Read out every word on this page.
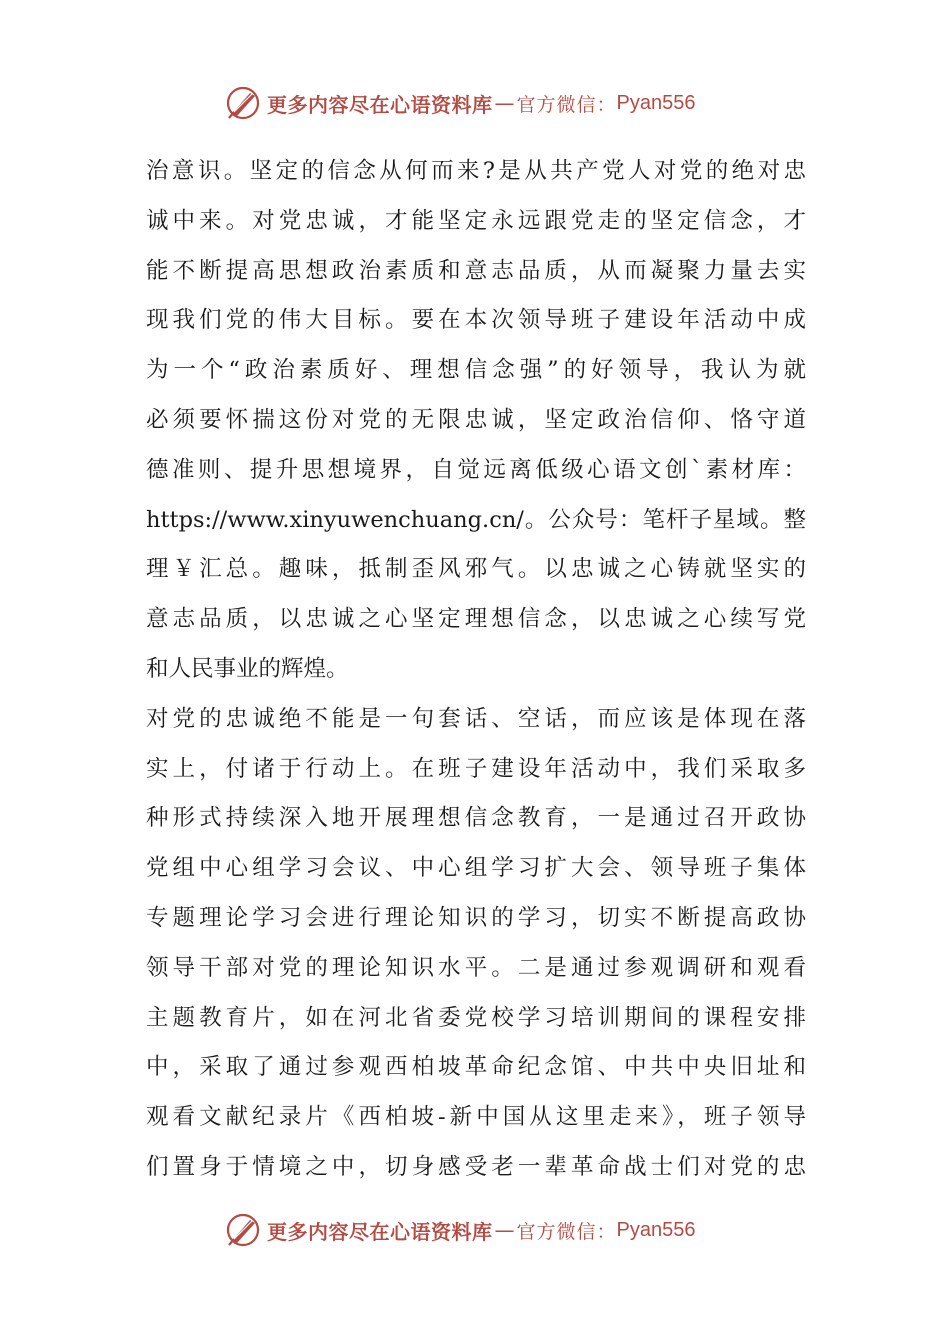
更多内容尽在心语资料库 — 官方微信： Pyan556
治意识。坚定的信念从何而来?是从共产党人对党的绝对忠
诚中来。对党忠诚，才能坚定永远跟党走的坚定信念，才
能不断提高思想政治素质和意志品质，从而凝聚力量去实
现我们党的伟大目标。要在本次领导班子建设年活动中成
为一个“政治素质好、理想信念强”的好领导，我认为就
必须要怀揣这份对党的无限忠诚，坚定政治信仰、恪守道
德准则、提升思想境界，自觉远离低级心语文创`素材库：
https://www.xinyuwenchuang.cn/。公众号：笔杆子星域。整
理￥汇总。趣味，抵制歪风邪气。以忠诚之心铸就坚实的
意志品质，以忠诚之心坚定理想信念，以忠诚之心续写党
和人民事业的辉煌。
对党的忠诚绝不能是一句套话、空话，而应该是体现在落
实上，付诸于行动上。在班子建设年活动中，我们采取多
种形式持续深入地开展理想信念教育，一是通过召开政协
党组中心组学习会议、中心组学习扩大会、领导班子集体
专题理论学习会进行理论知识的学习，切实不断提高政协
领导干部对党的理论知识水平。二是通过参观调研和观看
主题教育片，如在河北省委党校学习培训期间的课程安排
中，采取了通过参观西柏坡革命纪念馆、中共中央旧址和
观看文献纪录片《西柏坡-新中国从这里走来》，班子领导
们置身于情境之中，切身感受老一辈革命战士们对党的忠
更多内容尽在心语资料库 — 官方微信： Pyan556
